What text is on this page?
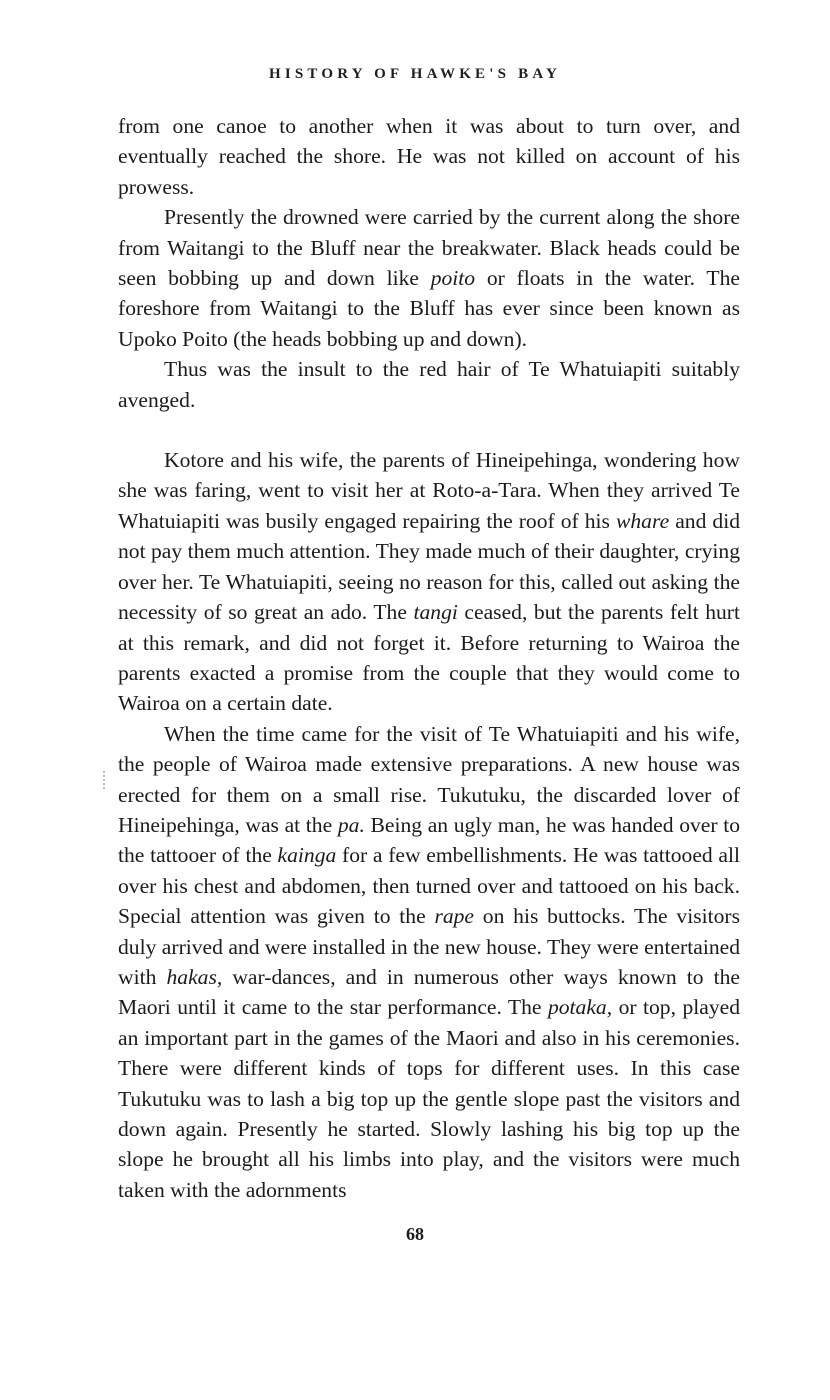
HISTORY OF HAWKE'S BAY

from one canoe to another when it was about to turn over, and eventually reached the shore. He was not killed on account of his prowess.

Presently the drowned were carried by the current along the shore from Waitangi to the Bluff near the breakwater. Black heads could be seen bobbing up and down like poito or floats in the water. The foreshore from Waitangi to the Bluff has ever since been known as Upoko Poito (the heads bobbing up and down).

Thus was the insult to the red hair of Te Whatuiapiti suitably avenged.

Kotore and his wife, the parents of Hineipehinga, wondering how she was faring, went to visit her at Roto-a-Tara. When they arrived Te Whatuiapiti was busily engaged repairing the roof of his whare and did not pay them much attention. They made much of their daughter, crying over her. Te Whatuiapiti, seeing no reason for this, called out asking the necessity of so great an ado. The tangi ceased, but the parents felt hurt at this remark, and did not forget it. Before returning to Wairoa the parents exacted a promise from the couple that they would come to Wairoa on a certain date.

When the time came for the visit of Te Whatuiapiti and his wife, the people of Wairoa made extensive preparations. A new house was erected for them on a small rise. Tukutuku, the discarded lover of Hineipehinga, was at the pa. Being an ugly man, he was handed over to the tattooer of the kainga for a few embellishments. He was tattooed all over his chest and abdomen, then turned over and tattooed on his back. Special attention was given to the rape on his buttocks. The visitors duly arrived and were installed in the new house. They were entertained with hakas, war-dances, and in numerous other ways known to the Maori until it came to the star performance. The potaka, or top, played an important part in the games of the Maori and also in his ceremonies. There were different kinds of tops for different uses. In this case Tukutuku was to lash a big top up the gentle slope past the visitors and down again. Presently he started. Slowly lashing his big top up the slope he brought all his limbs into play, and the visitors were much taken with the adornments

68
